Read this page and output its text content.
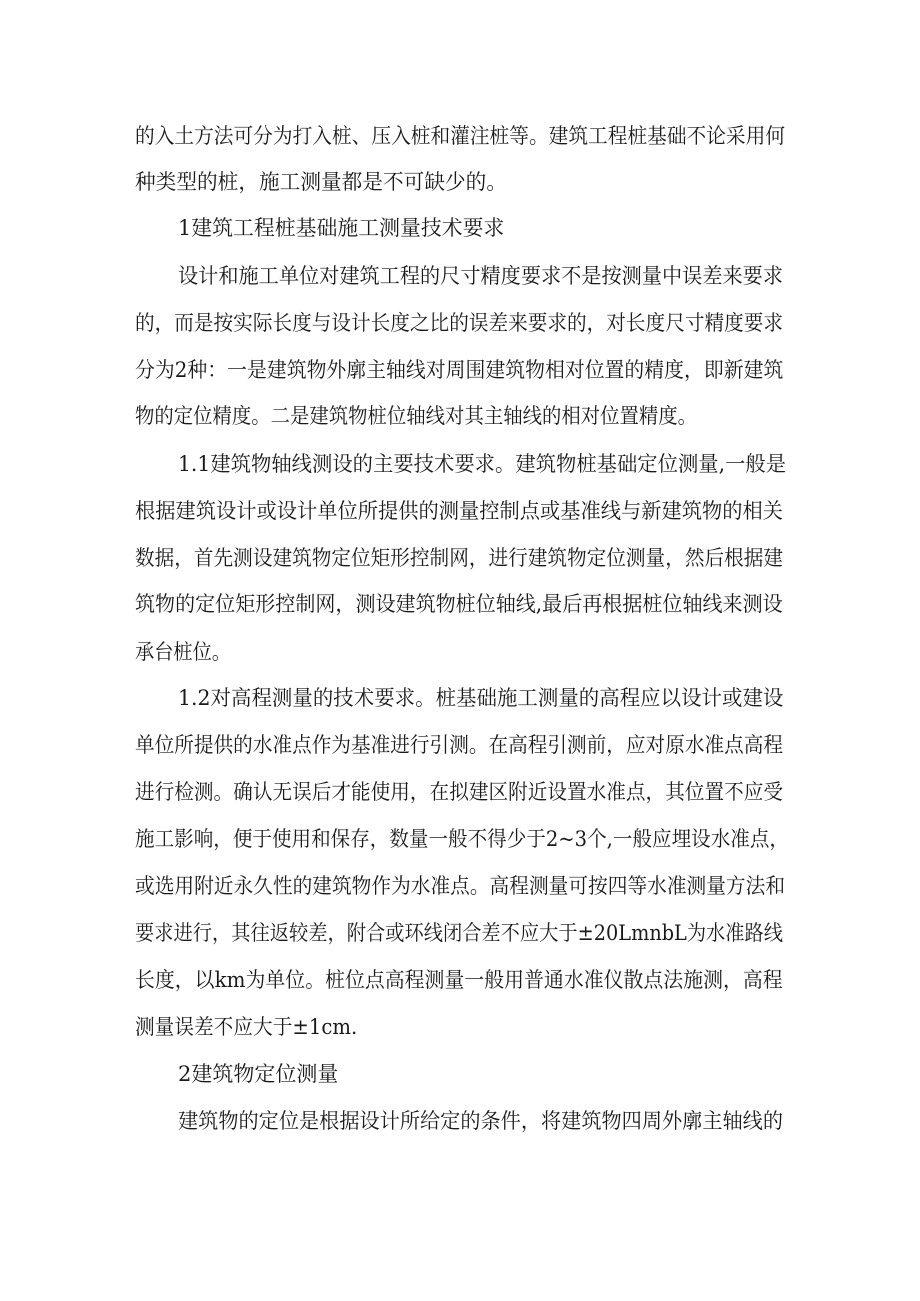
的入土方法可分为打入桩、压入桩和灌注桩等。建筑工程桩基础不论采用何
种类型的桩，施工测量都是不可缺少的。
1建筑工程桩基础施工测量技术要求
设计和施工单位对建筑工程的尺寸精度要求不是按测量中误差来要求
的，而是按实际长度与设计长度之比的误差来要求的，对长度尺寸精度要求
分为2种：一是建筑物外廓主轴线对周围建筑物相对位置的精度，即新建筑
物的定位精度。二是建筑物桩位轴线对其主轴线的相对位置精度。
1.1建筑物轴线测设的主要技术要求。建筑物桩基础定位测量,一般是
根据建筑设计或设计单位所提供的测量控制点或基准线与新建筑物的相关
数据，首先测设建筑物定位矩形控制网，进行建筑物定位测量，然后根据建
筑物的定位矩形控制网，测设建筑物桩位轴线,最后再根据桩位轴线来测设
承台桩位。
1.2对高程测量的技术要求。桩基础施工测量的高程应以设计或建设
单位所提供的水准点作为基准进行引测。在高程引测前，应对原水准点高程
进行检测。确认无误后才能使用，在拟建区附近设置水准点，其位置不应受
施工影响，便于使用和保存，数量一般不得少于2~3个,一般应埋设水准点，
或选用附近永久性的建筑物作为水准点。高程测量可按四等水准测量方法和
要求进行，其往返较差，附合或环线闭合差不应大于±20LmnbL为水准路线
长度，以km为单位。桩位点高程测量一般用普通水准仪散点法施测，高程
测量误差不应大于±1cm.
2建筑物定位测量
建筑物的定位是根据设计所给定的条件，将建筑物四周外廓主轴线的
